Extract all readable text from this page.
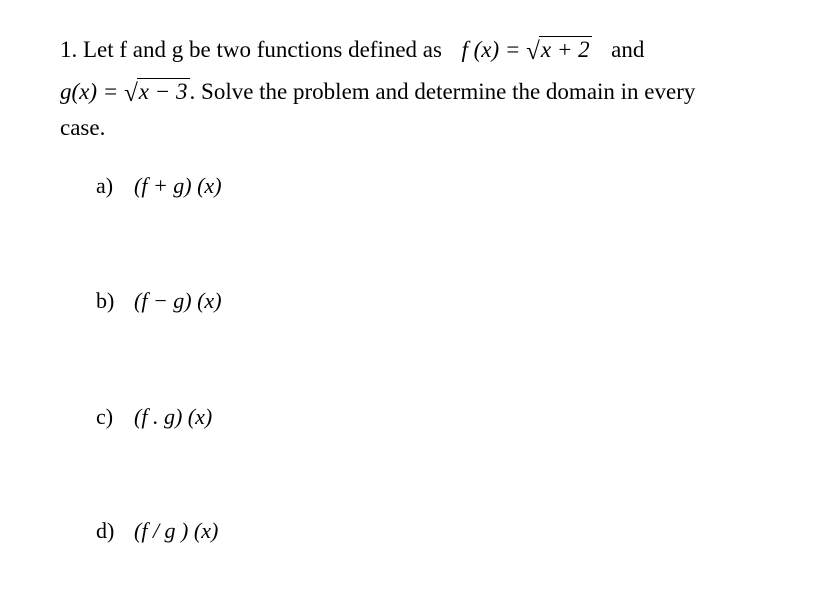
1. Let f and g be two functions defined as f (x) = √x + 2 and
g(x) = √x − 3. Solve the problem and determine the domain in every
case.
a) (f + g) (x)
b) (f − g) (x)
c) (f . g) (x)
d) (f / g ) (x)
